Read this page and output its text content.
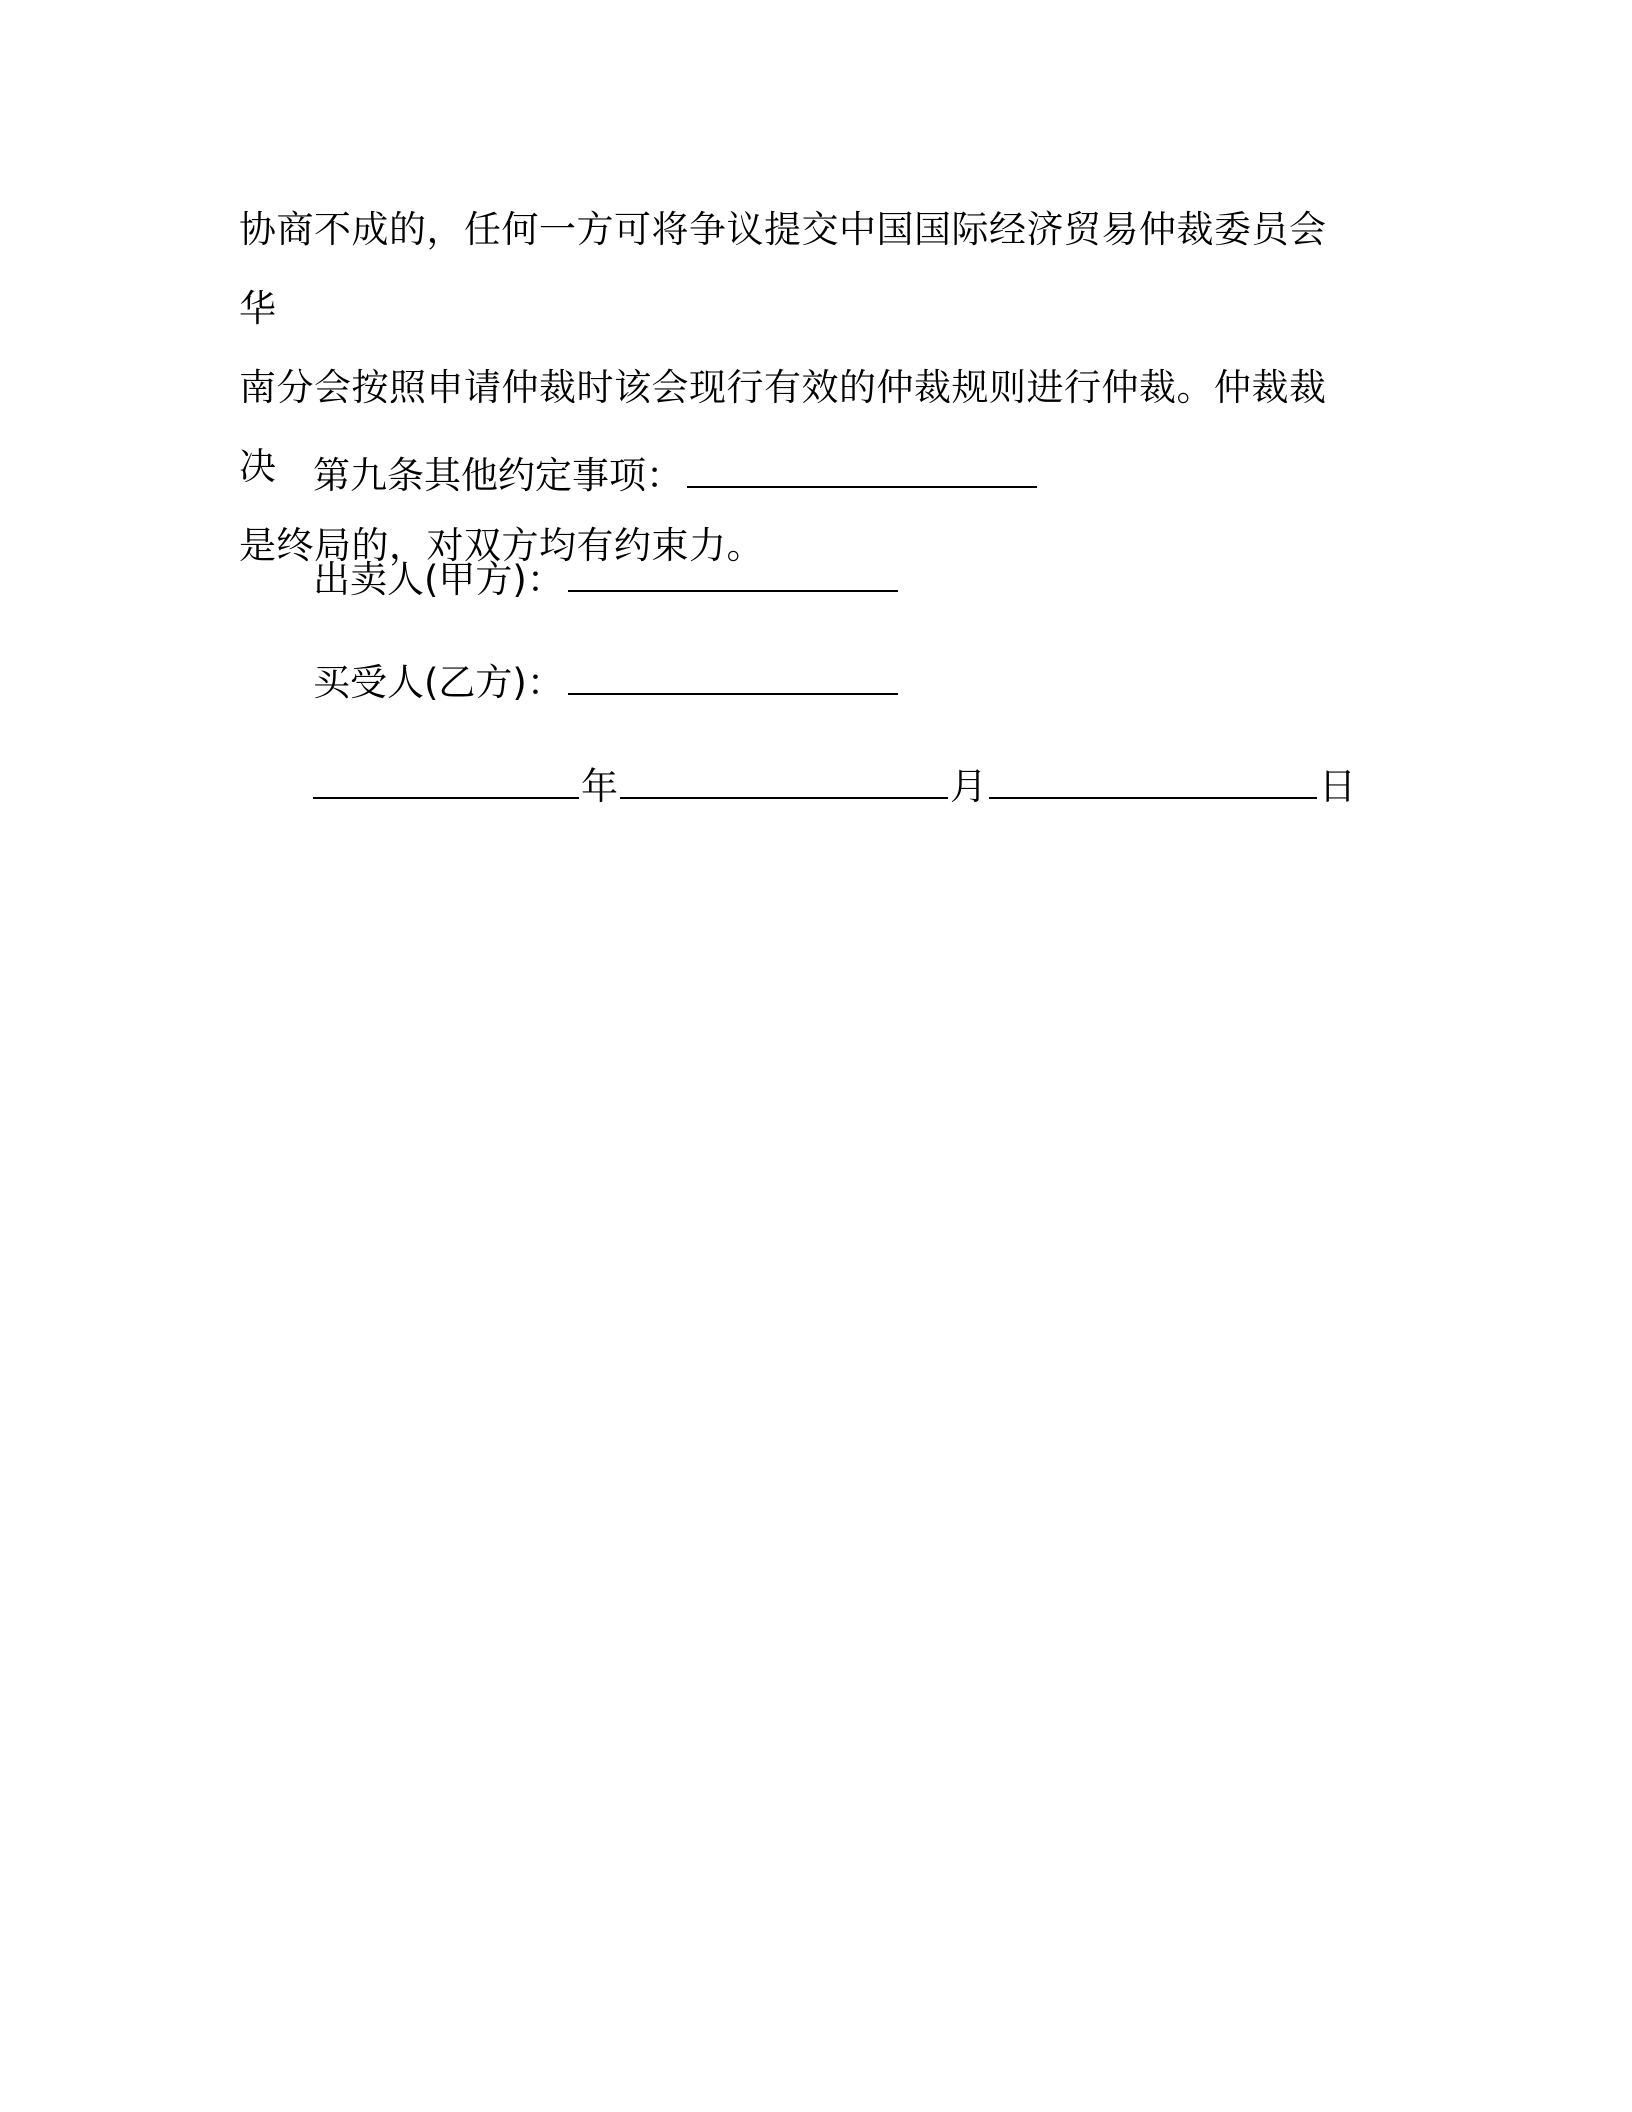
协商不成的，任何一方可将争议提交中国国际经济贸易仲裁委员会华
南分会按照申请仲裁时该会现行有效的仲裁规则进行仲裁。仲裁裁决
是终局的，对双方均有约束力。
第九条其他约定事项：
出卖人(甲方)：
买受人(乙方)：
年	月	日
